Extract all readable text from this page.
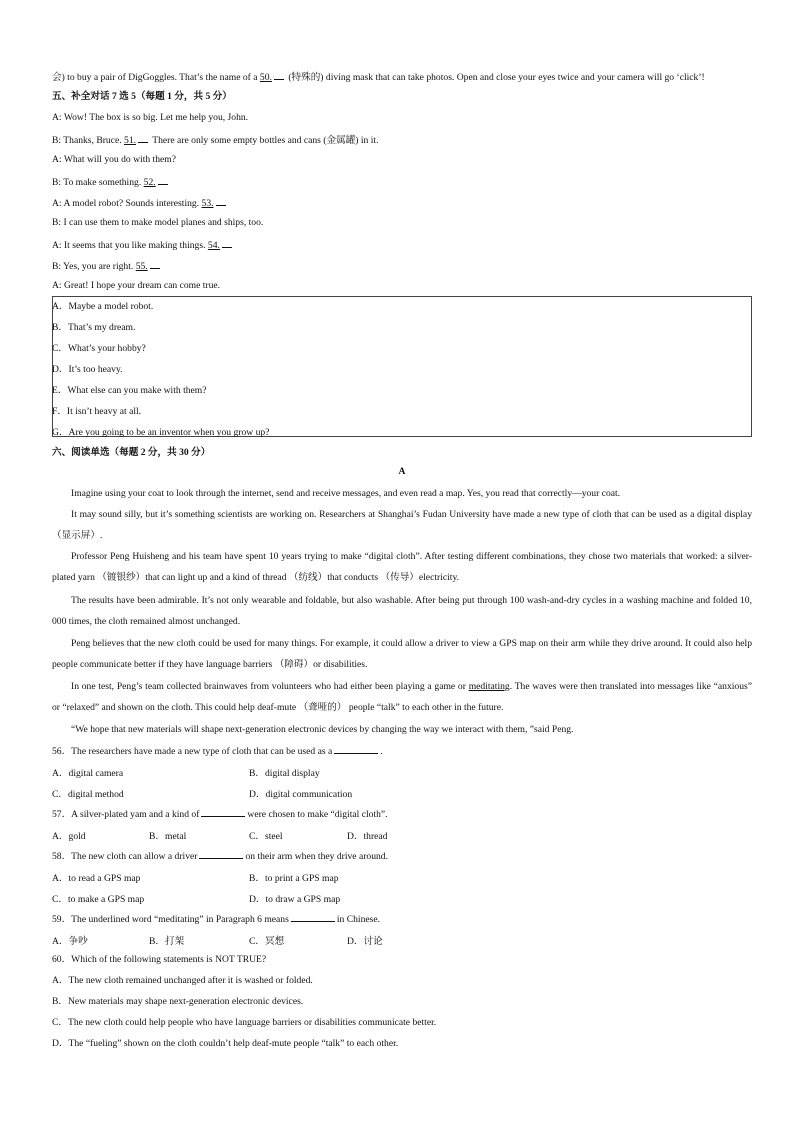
会) to buy a pair of DigGoggles. That’s the name of a 50. (特殊的) diving mask that can take photos. Open and close your eyes twice and your camera will go ‘click’!
五、补全对话 7 选 5（每题 1 分，共 5 分）
A: Wow! The box is so big. Let me help you, John.
B: Thanks, Bruce. 51. There are only some empty bottles and cans (金属罐) in it.
A: What will you do with them?
B: To make something. 52.
A: A model robot? Sounds interesting. 53.
B: I can use them to make model planes and ships, too.
A: It seems that you like making things. 54.
B: Yes, you are right. 55.
A: Great! I hope your dream can come true.
A．Maybe a model robot.
B．That’s my dream.
C．What’s your hobby?
D．It’s too heavy.
E．What else can you make with them?
F．It isn’t heavy at all.
G．Are you going to be an inventor when you grow up?
六、阅读单选（每题 2 分，共 30 分）
A
Imagine using your coat to look through the internet, send and receive messages, and even read a map. Yes, you read that correctly—your coat.
It may sound silly, but it’s something scientists are working on. Researchers at Shanghai’s Fudan University have made a new type of cloth that can be used as a digital display （显示屏）.
Professor Peng Huisheng and his team have spent 10 years trying to make “digital cloth”. After testing different combinations, they chose two materials that worked: a silver-plated yarn （镀银纱）that can light up and a kind of thread （纺线）that conducts （传导）electricity.
The results have been admirable. It’s not only wearable and foldable, but also washable. After being put through 100 wash-and-dry cycles in a washing machine and folded 10, 000 times, the cloth remained almost unchanged.
Peng believes that the new cloth could be used for many things. For example, it could allow a driver to view a GPS map on their arm while they drive around. It could also help people communicate better if they have language barriers （障碍）or disabilities.
In one test, Peng’s team collected brainwaves from volunteers who had either been playing a game or meditating. The waves were then translated into messages like “anxious” or “relaxed” and shown on the cloth. This could help deaf-mute （聋哑的） people “talk” to each other in the future.
“We hope that new materials will shape next-generation electronic devices by changing the way we interact with them, ”said Peng.
56．The researchers have made a new type of cloth that can be used as a	.
A．digital camera	B．digital display
C．digital method	D．digital communication
57．A silver-plated yam and a kind of	were chosen to make “digital cloth”.
A．gold	B．metal	C．steel	D．thread
58．The new cloth can allow a driver	on their arm when they drive around.
A．to read a GPS map	B．to print a GPS map
C．to make a GPS map	D．to draw a GPS map
59．The underlined word “meditating” in Paragraph 6 means	in Chinese.
A．争吵	B．打架	C．冥想	D．讨论
60．Which of the following statements is NOT TRUE?
A．The new cloth remained unchanged after it is washed or folded.
B．New materials may shape next-generation electronic devices.
C．The new cloth could help people who have language barriers or disabilities communicate better.
D．The “fueling” shown on the cloth couldn’t help deaf-mute people “talk” to each other.
